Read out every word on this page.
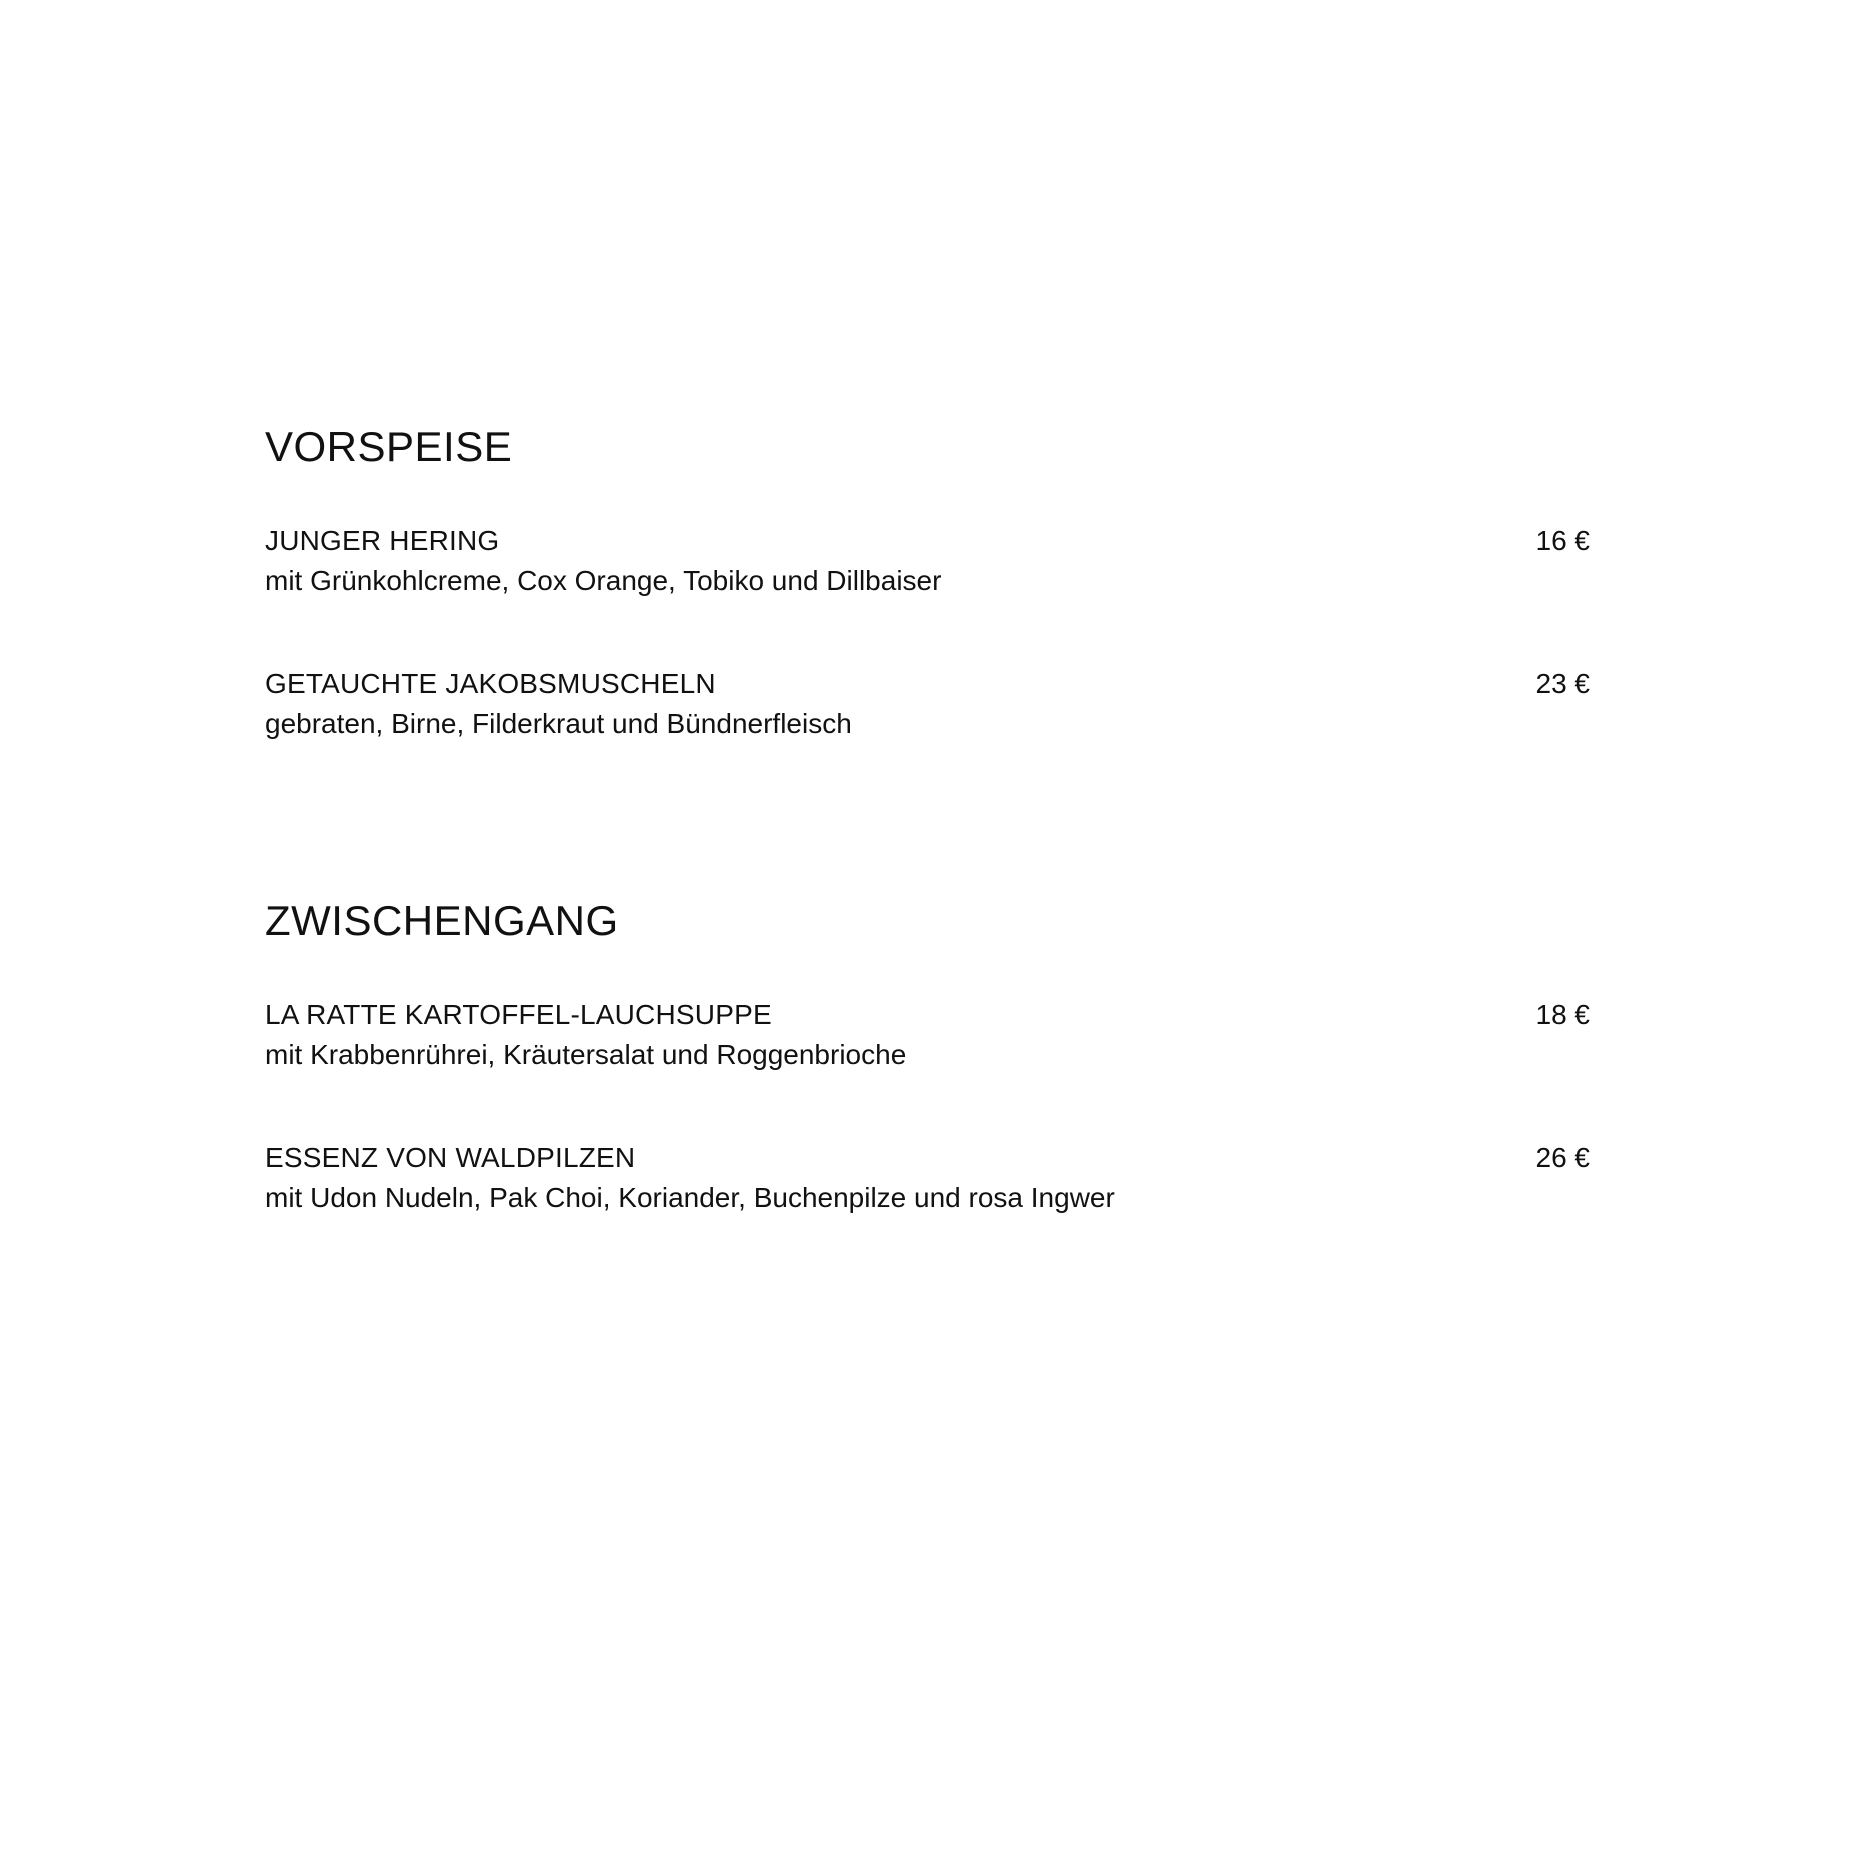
VORSPEISE

JUNGER HERING

mit Grünkohlcreme, Cox Orange, Tobiko und Dillbaiser

16 €

GETAUCHTE JAKOBSMUSCHELN

gebraten, Birne, Filderkraut und Bündnerfleisch

23 €
ZWISCHENGANG

LA RATTE KARTOFFEL-LAUCHSUPPE

mit Krabbenrührei, Kräutersalat und Roggenbrioche

18 €

ESSENZ VON WALDPILZEN

mit Udon Nudeln, Pak Choi, Koriander, Buchenpilze und rosa Ingwer

26 €
